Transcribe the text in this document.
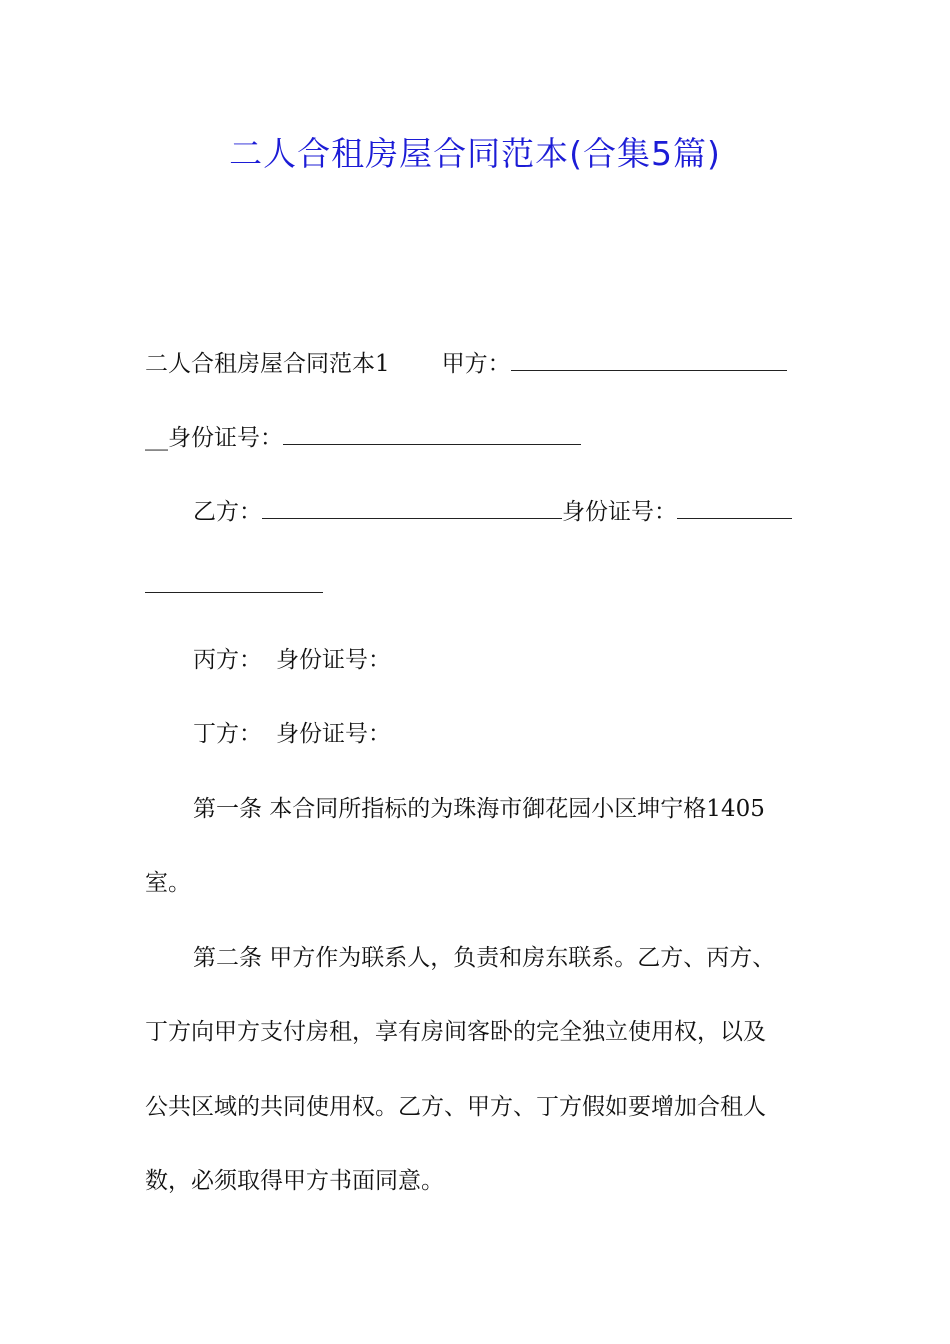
二人合租房屋合同范本(合集5篇)
二人合租房屋合同范本1 甲方：
__身份证号：
乙方：	身份证号：
丙方： 身份证号：
丁方： 身份证号：
第一条 本合同所指标的为珠海市御花园小区坤宁格1405
室。
第二条 甲方作为联系人，负责和房东联系。乙方、丙方、
丁方向甲方支付房租，享有房间客卧的完全独立使用权，以及
公共区域的共同使用权。乙方、甲方、丁方假如要增加合租人
数，必须取得甲方书面同意。
